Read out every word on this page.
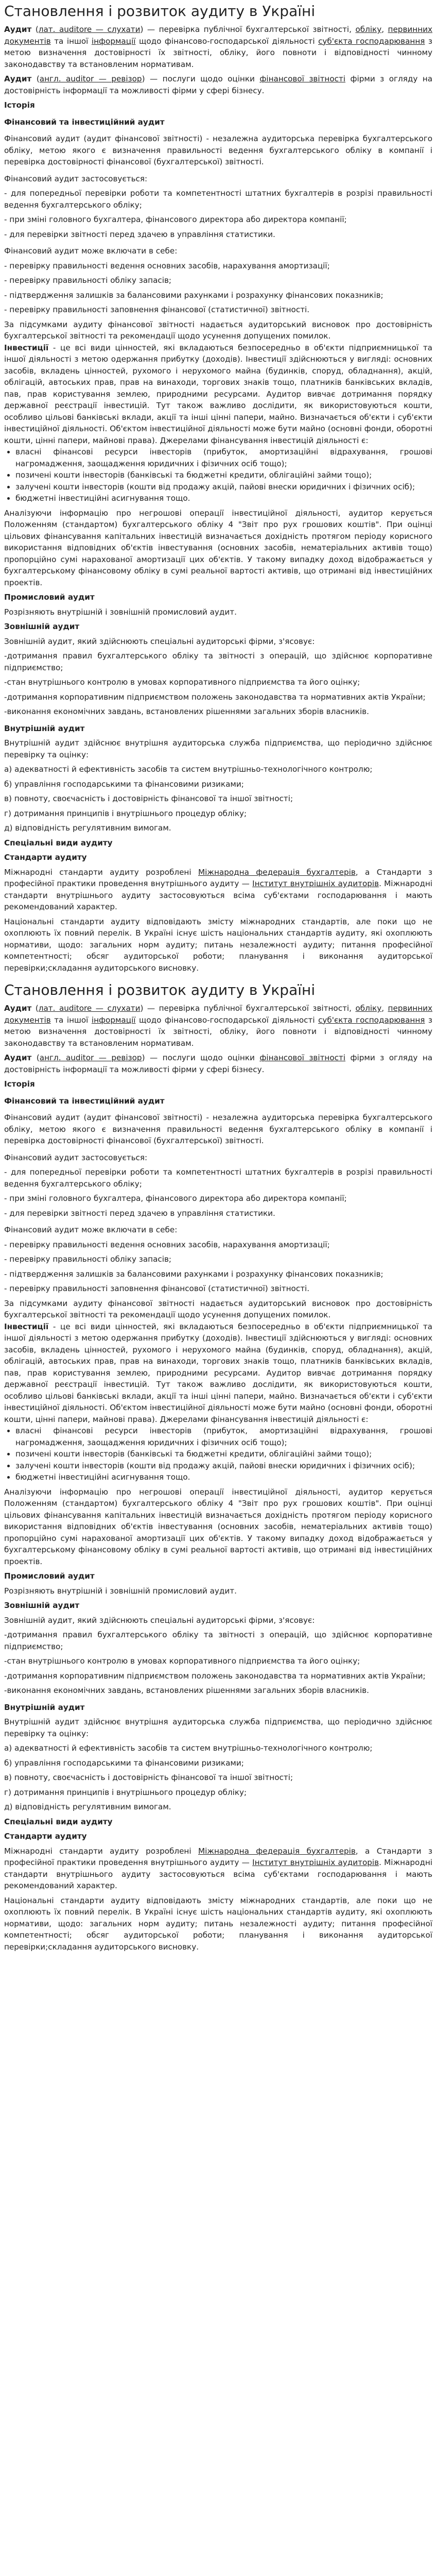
Становлення і розвиток аудиту в Україні

Аудит (лат. auditore — слухати) — перевірка публічної бухгалтерської звітності, обліку, первинних документів та іншої інформації щодо фінансово-господарської діяльності суб'єкта господарювання з метою визначення достовірності їх звітності, обліку, його повноти і відповідності чинному законодавству та встановленим нормативам.

Аудит (англ. auditor — ревізор) — послуги щодо оцінки фінансової звітності фірми з огляду на достовірність інформації та можливості фірми у сфері бізнесу.

Історія

Фінансовий та інвестиційний аудит

Фінансовий аудит (аудит фінансової звітності) - незалежна аудиторська перевірка бухгалтерського обліку, метою якого є визначення правильності ведення бухгалтерського обліку в компанії і перевірка достовірності фінансової (бухгалтерської) звітності.

Фінансовий аудит застосовується:

- для попередньої перевірки роботи та компетентності штатних бухгалтерів в розрізі правильності ведення бухгалтерського обліку;

- при зміні головного бухгалтера, фінансового директора або директора компанії;

- для перевірки звітності перед здачею в управління статистики.

Фінансовий аудит може включати в себе:

- перевірку правильності ведення основних засобів, нарахування амортизації;

- перевірку правильності обліку запасів;

- підтвердження залишків за балансовими рахунками і розрахунку фінансових показників;

- перевірку правильності заповнення фінансової (статистичної) звітності.

За підсумками аудиту фінансової звітності надається аудиторський висновок про достовірність бухгалтерської звітності та рекомендації щодо усунення допущених помилок.

Інвестиції - це всі види цінностей, які вкладаються безпосередньо в об'єкти підприємницької та іншої діяльності з метою одержання прибутку (доходів). Інвестиції здійснюються у вигляді: основних засобів, вкладень цінностей, рухомого і нерухомого майна (будинків, споруд, обладнання), акцій, облігацій, автоських прав, прав на винаходи, торгових знаків тощо, платників банківських вкладів, пав, прав користування землею, природними ресурсами. Аудитор вивчає дотримання порядку державної реєстрації інвестицій. Тут також важливо дослідити, як використовуються кошти, особливо цільові банківські вклади, акції та інші цінні папери, майно. Визначається об'єкти і суб'єкти інвестиційної діяльності. Об'єктом інвестиційної діяльності може бути майно (основні фонди, оборотні кошти, цінні папери, майнові права). Джерелами фінансування інвестицій діяльності є:

• власні фінансові ресурси інвесторів (прибуток, амортизаційні відрахування, грошові нагромадження, заощадження юридичних і фізичних осіб тощо);
• позичені кошти інвесторів (банківські та бюджетні кредити, облігаційні займи тощо);
• залучені кошти інвесторів (кошти від продажу акцій, пайові внески юридичних і фізичних осіб);
• бюджетні інвестиційні асигнування тощо.

Аналізуючи інформацію про негрошові операції інвестиційної діяльності, аудитор керується Положенням (стандартом) бухгалтерського обліку 4 "Звіт про рух грошових коштів". При оцінці цільових фінансування капітальних інвестицій визначається дохідність протягом періоду корисного використання відповідних об'єктів інвестування (основних засобів, нематеріальних активів тощо) пропорційно сумі нарахованої амортизації цих об'єктів. У такому випадку доход відображається у бухгалтерському фінансовому обліку в сумі реальної вартості активів, що отримані від інвестиційних проектів.

Промисловий аудит

Розрізняють внутрішній і зовнішній промисловий аудит.

Зовнішній аудит

Зовнішній аудит, який здійснюють спеціальні аудиторські фірми, з'ясовує:

-дотримання правил бухгалтерського обліку та звітності з операцій, що здійснює корпоративне підприємство;

-стан внутрішнього контролю в умовах корпоративного підприємства та його оцінку;

-дотримання корпоративним підприємством положень законодавства та нормативних актів України;

-виконання економічних завдань, встановлених рішеннями загальних зборів власників.

Внутрішній аудит

Внутрішній аудит здійснює внутрішня аудиторська служба підприємства, що періодично здійснює перевірку та оцінку:

а) адекватності й ефективність засобів та систем внутрішньо-технологічного контролю;

б) управління господарськими та фінансовими ризиками;

в) повноту, своєчасність і достовірність фінансової та іншої звітності;

г) дотримання принципів і внутрішнього процедур обліку;

д) відповідність регулятивним вимогам.

Спеціальні види аудиту

Стандарти аудиту

Міжнародні стандарти аудиту розроблені Міжнародна федерація бухгалтерів, а Стандарти з професійної практики проведення внутрішнього аудиту — Інститут внутрішніх аудиторів. Міжнародні стандарти внутрішнього аудиту застосовуються всіма суб'єктами господарювання і мають рекомендований характер.

Національні стандарти аудиту відповідають змісту міжнародних стандартів, але поки що не охоплюють їх повний перелік. В Україні існує шість національних стандартів аудиту, які охоплюють нормативи, щодо: загальних норм аудиту; питань незалежності аудиту; питання професійної компетентності; обсяг аудиторської роботи; планування і виконання аудиторської перевірки;складання аудиторського висновку.

Становлення і розвиток аудиту в Україні

Аудит (лат. auditore — слухати) — перевірка публічної бухгалтерської звітності, обліку, первинних документів та іншої інформації щодо фінансово-господарської діяльності суб'єкта господарювання з метою визначення достовірності їх звітності, обліку, його повноти і відповідності чинному законодавству та встановленим нормативам.

Аудит (англ. auditor — ревізор) — послуги щодо оцінки фінансової звітності фірми з огляду на достовірність інформації та можливості фірми у сфері бізнесу.

Історія

Фінансовий та інвестиційний аудит

Фінансовий аудит (аудит фінансової звітності) - незалежна аудиторська перевірка бухгалтерського обліку, метою якого є визначення правильності ведення бухгалтерського обліку в компанії і перевірка достовірності фінансової (бухгалтерської) звітності.

Фінансовий аудит застосовується:

- для попередньої перевірки роботи та компетентності штатних бухгалтерів в розрізі правильності ведення бухгалтерського обліку;

- при зміні головного бухгалтера, фінансового директора або директора компанії;

- для перевірки звітності перед здачею в управління статистики.

Фінансовий аудит може включати в себе:

- перевірку правильності ведення основних засобів, нарахування амортизації;

- перевірку правильності обліку запасів;

- підтвердження залишків за балансовими рахунками і розрахунку фінансових показників;

- перевірку правильності заповнення фінансової (статистичної) звітності.

За підсумками аудиту фінансової звітності надається аудиторський висновок про достовірність бухгалтерської звітності та рекомендації щодо усунення допущених помилок.

Інвестиції - це всі види цінностей, які вкладаються безпосередньо в об'єкти підприємницької та іншої діяльності з метою одержання прибутку (доходів). Інвестиції здійснюються у вигляді: основних засобів, вкладень цінностей, рухомого і нерухомого майна (будинків, споруд, обладнання), акцій, облігацій, автоських прав, прав на винаходи, торгових знаків тощо, платників банківських вкладів, пав, прав користування землею, природними ресурсами. Аудитор вивчає дотримання порядку державної реєстрації інвестицій. Тут також важливо дослідити, як використовуються кошти, особливо цільові банківські вклади, акції та інші цінні папери, майно. Визначається об'єкти і суб'єкти інвестиційної діяльності. Об'єктом інвестиційної діяльності може бути майно (основні фонди, оборотні кошти, цінні папери, майнові права). Джерелами фінансування інвестицій діяльності є:

• власні фінансові ресурси інвесторів (прибуток, амортизаційні відрахування, грошові нагромадження, заощадження юридичних і фізичних осіб тощо);
• позичені кошти інвесторів (банківські та бюджетні кредити, облігаційні займи тощо);
• залучені кошти інвесторів (кошти від продажу акцій, пайові внески юридичних і фізичних осіб);
• бюджетні інвестиційні асигнування тощо.

Аналізуючи інформацію про негрошові операції інвестиційної діяльності, аудитор керується Положенням (стандартом) бухгалтерського обліку 4 "Звіт про рух грошових коштів". При оцінці цільових фінансування капітальних інвестицій визначається дохідність протягом періоду корисного використання відповідних об'єктів інвестування (основних засобів, нематеріальних активів тощо) пропорційно сумі нарахованої амортизації цих об'єктів. У такому випадку доход відображається у бухгалтерському фінансовому обліку в сумі реальної вартості активів, що отримані від інвестиційних проектів.

Промисловий аудит

Розрізняють внутрішній і зовнішній промисловий аудит.

Зовнішній аудит

Зовнішній аудит, який здійснюють спеціальні аудиторські фірми, з'ясовує:

-дотримання правил бухгалтерського обліку та звітності з операцій, що здійснює корпоративне підприємство;

-стан внутрішнього контролю в умовах корпоративного підприємства та його оцінку;

-дотримання корпоративним підприємством положень законодавства та нормативних актів України;

-виконання економічних завдань, встановлених рішеннями загальних зборів власників.

Внутрішній аудит

Внутрішній аудит здійснює внутрішня аудиторська служба підприємства, що періодично здійснює перевірку та оцінку:

а) адекватності й ефективність засобів та систем внутрішньо-технологічного контролю;

б) управління господарськими та фінансовими ризиками;

в) повноту, своєчасність і достовірність фінансової та іншої звітності;

г) дотримання принципів і внутрішнього процедур обліку;

д) відповідність регулятивним вимогам.

Спеціальні види аудиту

Стандарти аудиту

Міжнародні стандарти аудиту розроблені Міжнародна федерація бухгалтерів, а Стандарти з професійної практики проведення внутрішнього аудиту — Інститут внутрішніх аудиторів. Міжнародні стандарти внутрішнього аудиту застосовуються всіма суб'єктами господарювання і мають рекомендований характер.

Національні стандарти аудиту відповідають змісту міжнародних стандартів, але поки що не охоплюють їх повний перелік. В Україні існує шість національних стандартів аудиту, які охоплюють нормативи, щодо: загальних норм аудиту; питань незалежності аудиту; питання професійної компетентності; обсяг аудиторської роботи; планування і виконання аудиторської перевірки;складання аудиторського висновку.
